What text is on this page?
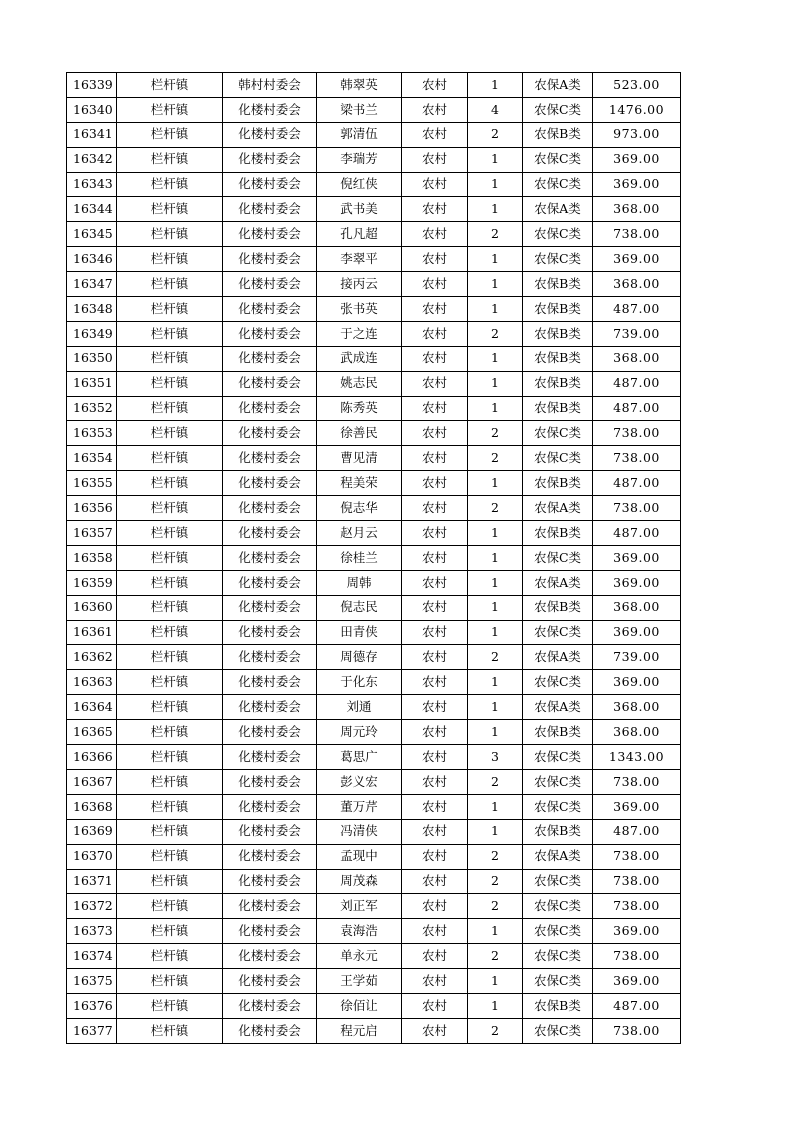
16339	栏杆镇	韩村村委会	韩翠英	农村	1	农保A类	523.00
16340	栏杆镇	化楼村委会	梁书兰	农村	4	农保C类	1476.00
16341	栏杆镇	化楼村委会	郭清伍	农村	2	农保B类	973.00
16342	栏杆镇	化楼村委会	李瑞芳	农村	1	农保C类	369.00
16343	栏杆镇	化楼村委会	倪红侠	农村	1	农保C类	369.00
16344	栏杆镇	化楼村委会	武书美	农村	1	农保A类	368.00
16345	栏杆镇	化楼村委会	孔凡超	农村	2	农保C类	738.00
16346	栏杆镇	化楼村委会	李翠平	农村	1	农保C类	369.00
16347	栏杆镇	化楼村委会	接丙云	农村	1	农保B类	368.00
16348	栏杆镇	化楼村委会	张书英	农村	1	农保B类	487.00
16349	栏杆镇	化楼村委会	于之连	农村	2	农保B类	739.00
16350	栏杆镇	化楼村委会	武成连	农村	1	农保B类	368.00
16351	栏杆镇	化楼村委会	姚志民	农村	1	农保B类	487.00
16352	栏杆镇	化楼村委会	陈秀英	农村	1	农保B类	487.00
16353	栏杆镇	化楼村委会	徐善民	农村	2	农保C类	738.00
16354	栏杆镇	化楼村委会	曹见清	农村	2	农保C类	738.00
16355	栏杆镇	化楼村委会	程美荣	农村	1	农保B类	487.00
16356	栏杆镇	化楼村委会	倪志华	农村	2	农保A类	738.00
16357	栏杆镇	化楼村委会	赵月云	农村	1	农保B类	487.00
16358	栏杆镇	化楼村委会	徐桂兰	农村	1	农保C类	369.00
16359	栏杆镇	化楼村委会	周韩	农村	1	农保A类	369.00
16360	栏杆镇	化楼村委会	倪志民	农村	1	农保B类	368.00
16361	栏杆镇	化楼村委会	田青侠	农村	1	农保C类	369.00
16362	栏杆镇	化楼村委会	周德存	农村	2	农保A类	739.00
16363	栏杆镇	化楼村委会	于化东	农村	1	农保C类	369.00
16364	栏杆镇	化楼村委会	刘通	农村	1	农保A类	368.00
16365	栏杆镇	化楼村委会	周元玲	农村	1	农保B类	368.00
16366	栏杆镇	化楼村委会	葛思广	农村	3	农保C类	1343.00
16367	栏杆镇	化楼村委会	彭义宏	农村	2	农保C类	738.00
16368	栏杆镇	化楼村委会	董万芹	农村	1	农保C类	369.00
16369	栏杆镇	化楼村委会	冯清侠	农村	1	农保B类	487.00
16370	栏杆镇	化楼村委会	孟现中	农村	2	农保A类	738.00
16371	栏杆镇	化楼村委会	周茂森	农村	2	农保C类	738.00
16372	栏杆镇	化楼村委会	刘正军	农村	2	农保C类	738.00
16373	栏杆镇	化楼村委会	袁海浩	农村	1	农保C类	369.00
16374	栏杆镇	化楼村委会	单永元	农村	2	农保C类	738.00
16375	栏杆镇	化楼村委会	王学茹	农村	1	农保C类	369.00
16376	栏杆镇	化楼村委会	徐佰让	农村	1	农保B类	487.00
16377	栏杆镇	化楼村委会	程元启	农村	2	农保C类	738.00
